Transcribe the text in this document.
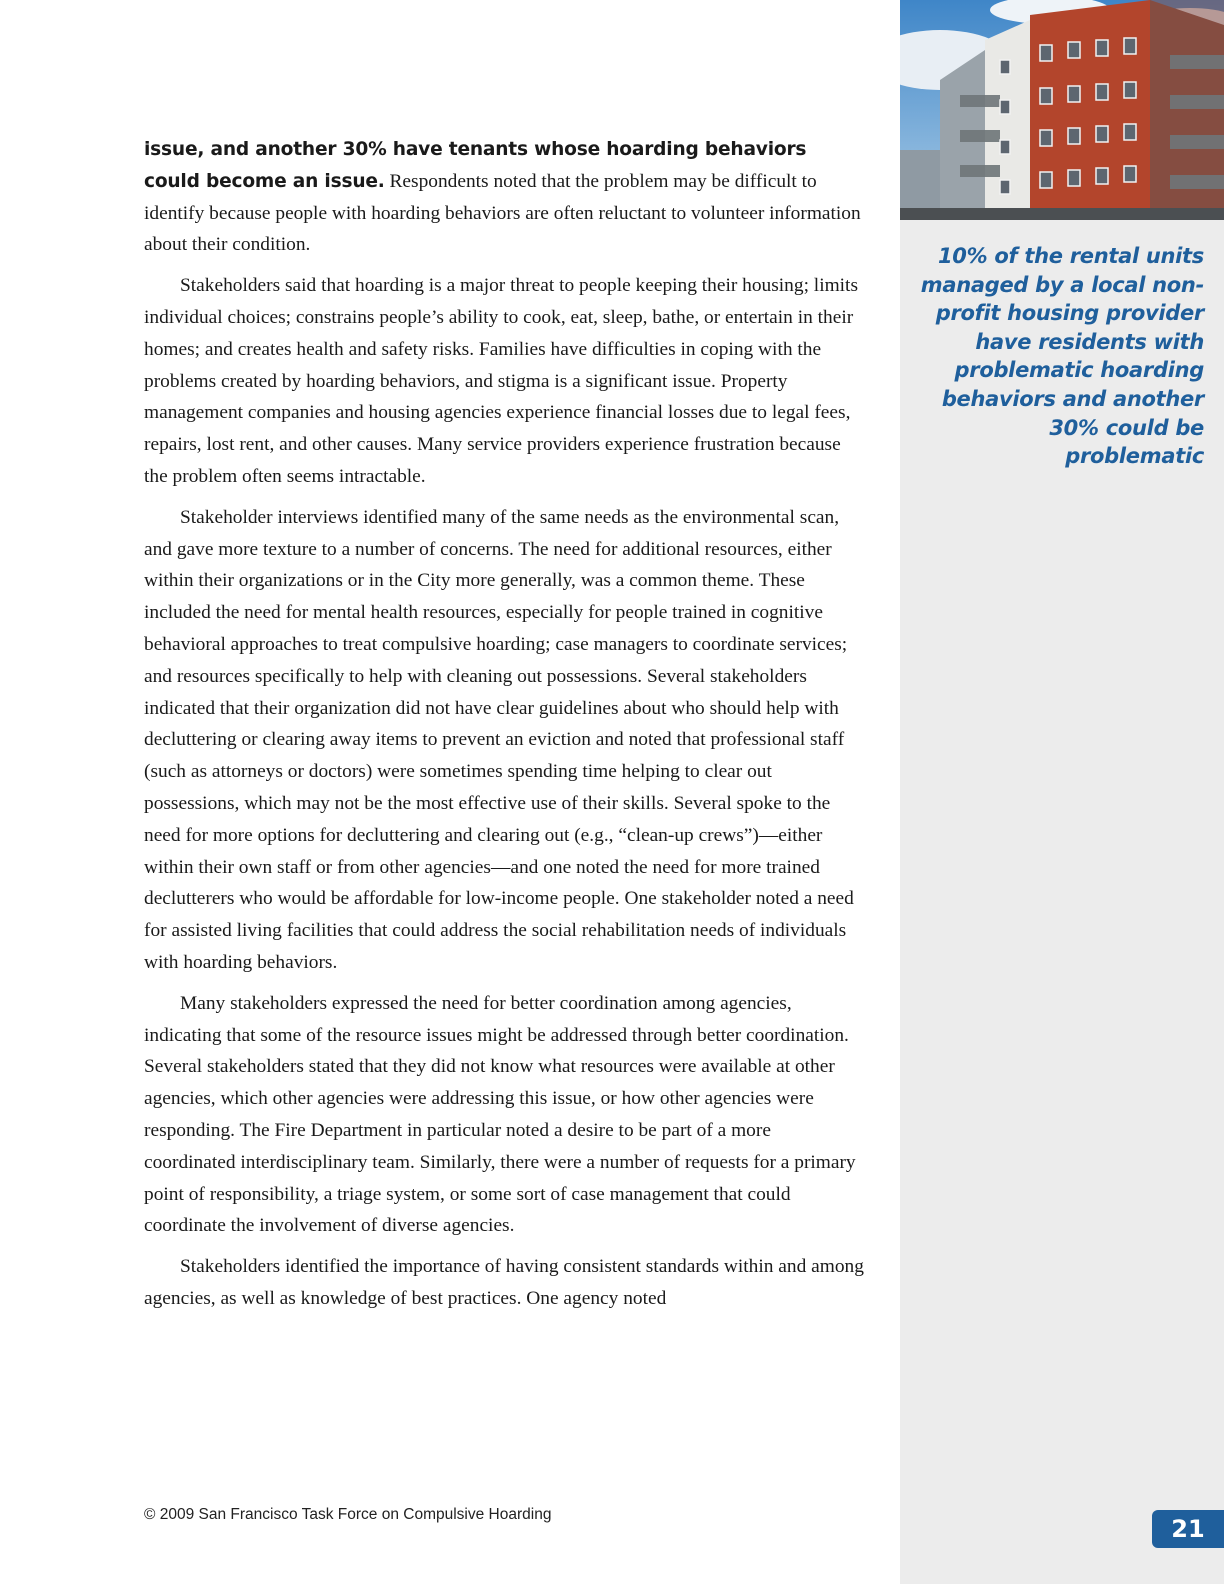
issue, and another 30% have tenants whose hoarding behaviors could become an issue. Respondents noted that the problem may be difficult to identify because people with hoarding behaviors are often reluctant to volunteer information about their condition.

Stakeholders said that hoarding is a major threat to people keeping their housing; limits individual choices; constrains people’s ability to cook, eat, sleep, bathe, or entertain in their homes; and creates health and safety risks. Families have difficulties in coping with the problems created by hoarding behaviors, and stigma is a significant issue. Property management companies and housing agencies experience financial losses due to legal fees, repairs, lost rent, and other causes. Many service providers experience frustration because the problem often seems intractable.

Stakeholder interviews identified many of the same needs as the environmental scan, and gave more texture to a number of concerns. The need for additional resources, either within their organizations or in the City more generally, was a common theme. These included the need for mental health resources, especially for people trained in cognitive behavioral approaches to treat compulsive hoarding; case managers to coordinate services; and resources specifically to help with cleaning out possessions. Several stakeholders indicated that their organization did not have clear guidelines about who should help with decluttering or clearing away items to prevent an eviction and noted that professional staff (such as attorneys or doctors) were sometimes spending time helping to clear out possessions, which may not be the most effective use of their skills. Several spoke to the need for more options for decluttering and clearing out (e.g., “clean-up crews”)—either within their own staff or from other agencies—and one noted the need for more trained declutterers who would be affordable for low-income people. One stakeholder noted a need for assisted living facilities that could address the social rehabilitation needs of individuals with hoarding behaviors.

Many stakeholders expressed the need for better coordination among agencies, indicating that some of the resource issues might be addressed through better coordination. Several stakeholders stated that they did not know what resources were available at other agencies, which other agencies were addressing this issue, or how other agencies were responding. The Fire Department in particular noted a desire to be part of a more coordinated interdisciplinary team. Similarly, there were a number of requests for a primary point of responsibility, a triage system, or some sort of case management that could coordinate the involvement of diverse agencies.

Stakeholders identified the importance of having consistent standards within and among agencies, as well as knowledge of best practices. One agency noted

10% of the rental units managed by a local non-profit housing provider have residents with problematic hoarding behaviors and another 30% could be problematic
21
© 2009 San Francisco Task Force on Compulsive Hoarding
